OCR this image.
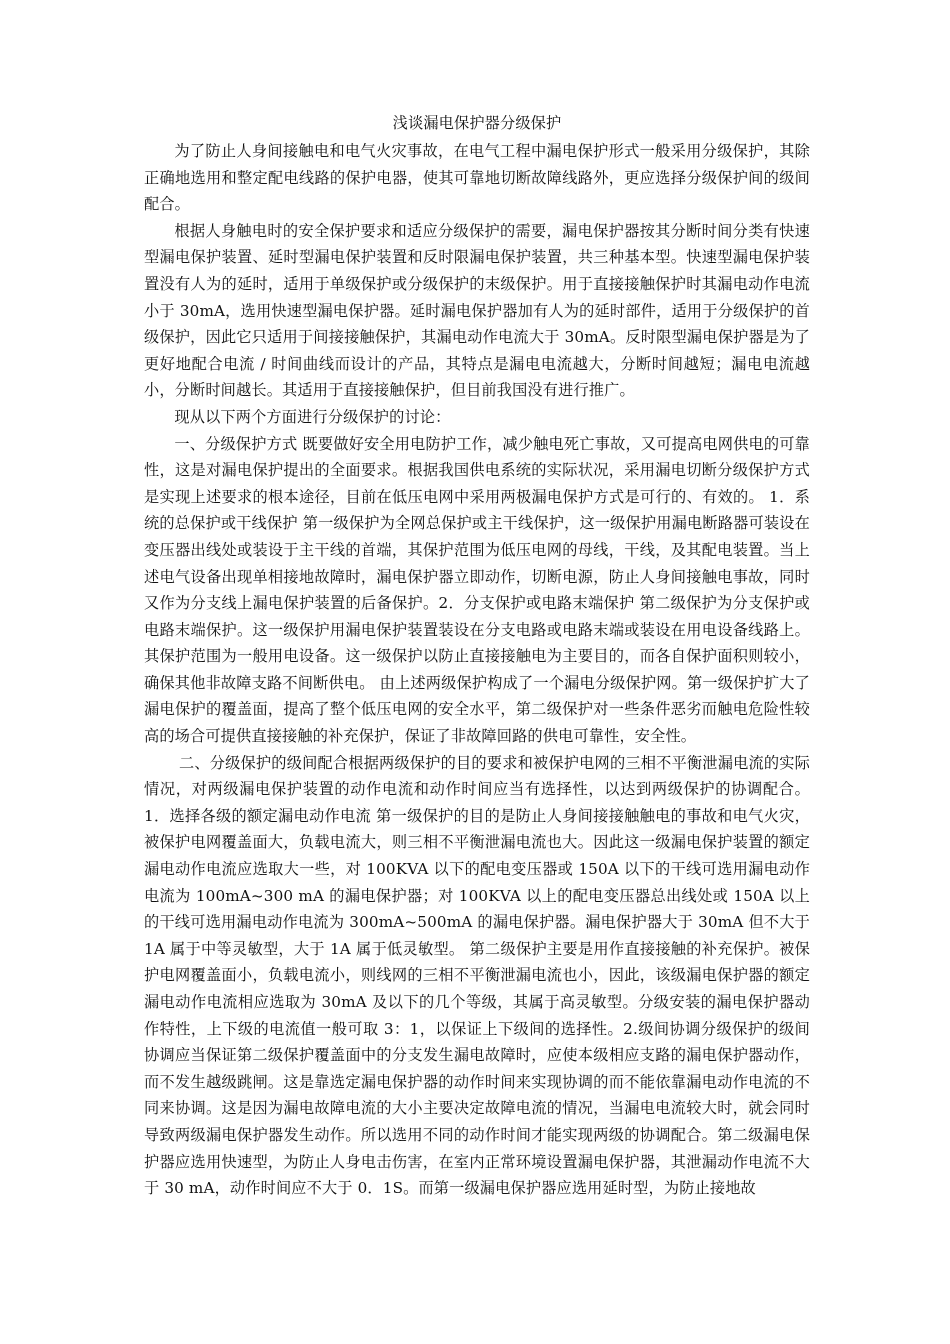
浅谈漏电保护器分级保护

为了防止人身间接触电和电气火灾事故，在电气工程中漏电保护形式一般采用分级保护，其除正确地选用和整定配电线路的保护电器，使其可靠地切断故障线路外，更应选择分级保护间的级间配合。

根据人身触电时的安全保护要求和适应分级保护的需要，漏电保护器按其分断时间分类有快速型漏电保护装置、延时型漏电保护装置和反时限漏电保护装置，共三种基本型。快速型漏电保护装置没有人为的延时，适用于单级保护或分级保护的末级保护。用于直接接触保护时其漏电动作电流小于 30mA，选用快速型漏电保护器。延时漏电保护器加有人为的延时部件，适用于分级保护的首级保护，因此它只适用于间接接触保护，其漏电动作电流大于 30mA。反时限型漏电保护器是为了更好地配合电流 / 时间曲线而设计的产品，其特点是漏电电流越大，分断时间越短；漏电电流越小，分断时间越长。其适用于直接接触保护，但目前我国没有进行推广。

现从以下两个方面进行分级保护的讨论：

一、分级保护方式 既要做好安全用电防护工作，减少触电死亡事故，又可提高电网供电的可靠性，这是对漏电保护提出的全面要求。根据我国供电系统的实际状况，采用漏电切断分级保护方式是实现上述要求的根本途径，目前在低压电网中采用两极漏电保护方式是可行的、有效的。 1．系统的总保护或干线保护 第一级保护为全网总保护或主干线保护，这一级保护用漏电断路器可装设在变压器出线处或装设于主干线的首端，其保护范围为低压电网的母线，干线，及其配电装置。当上述电气设备出现单相接地故障时，漏电保护器立即动作，切断电源，防止人身间接触电事故，同时又作为分支线上漏电保护装置的后备保护。2．分支保护或电路末端保护 第二级保护为分支保护或电路末端保护。这一级保护用漏电保护装置装设在分支电路或电路末端或装设在用电设备线路上。其保护范围为一般用电设备。这一级保护以防止直接接触电为主要目的，而各自保护面积则较小，确保其他非故障支路不间断供电。 由上述两级保护构成了一个漏电分级保护网。第一级保护扩大了漏电保护的覆盖面，提高了整个低压电网的安全水平，第二级保护对一些条件恶劣而触电危险性较高的场合可提供直接接触的补充保护，保证了非故障回路的供电可靠性，安全性。

二、分级保护的级间配合根据两级保护的目的要求和被保护电网的三相不平衡泄漏电流的实际情况，对两级漏电保护装置的动作电流和动作时间应当有选择性，以达到两级保护的协调配合。 1．选择各级的额定漏电动作电流 第一级保护的目的是防止人身间接接触触电的事故和电气火灾，被保护电网覆盖面大，负载电流大，则三相不平衡泄漏电流也大。因此这一级漏电保护装置的额定漏电动作电流应选取大一些，对 100KVA 以下的配电变压器或 150A 以下的干线可选用漏电动作电流为 100mA~300 mA 的漏电保护器；对 100KVA 以上的配电变压器总出线处或 150A 以上的干线可选用漏电动作电流为 300mA~500mA 的漏电保护器。漏电保护器大于 30mA 但不大于 1A 属于中等灵敏型，大于 1A 属于低灵敏型。 第二级保护主要是用作直接接触的补充保护。被保护电网覆盖面小，负载电流小，则线网的三相不平衡泄漏电流也小，因此，该级漏电保护器的额定漏电动作电流相应选取为 30mA 及以下的几个等级，其属于高灵敏型。分级安装的漏电保护器动作特性，上下级的电流值一般可取 3：1，以保证上下级间的选择性。2.级间协调分级保护的级间协调应当保证第二级保护覆盖面中的分支发生漏电故障时，应使本级相应支路的漏电保护器动作，而不发生越级跳闸。这是靠选定漏电保护器的动作时间来实现协调的而不能依靠漏电动作电流的不同来协调。这是因为漏电故障电流的大小主要决定故障电流的情况，当漏电电流较大时，就会同时导致两级漏电保护器发生动作。所以选用不同的动作时间才能实现两级的协调配合。第二级漏电保护器应选用快速型，为防止人身电击伤害，在室内正常环境设置漏电保护器，其泄漏动作电流不大于 30 mA，动作时间应不大于 0．1S。而第一级漏电保护器应选用延时型，为防止接地故
